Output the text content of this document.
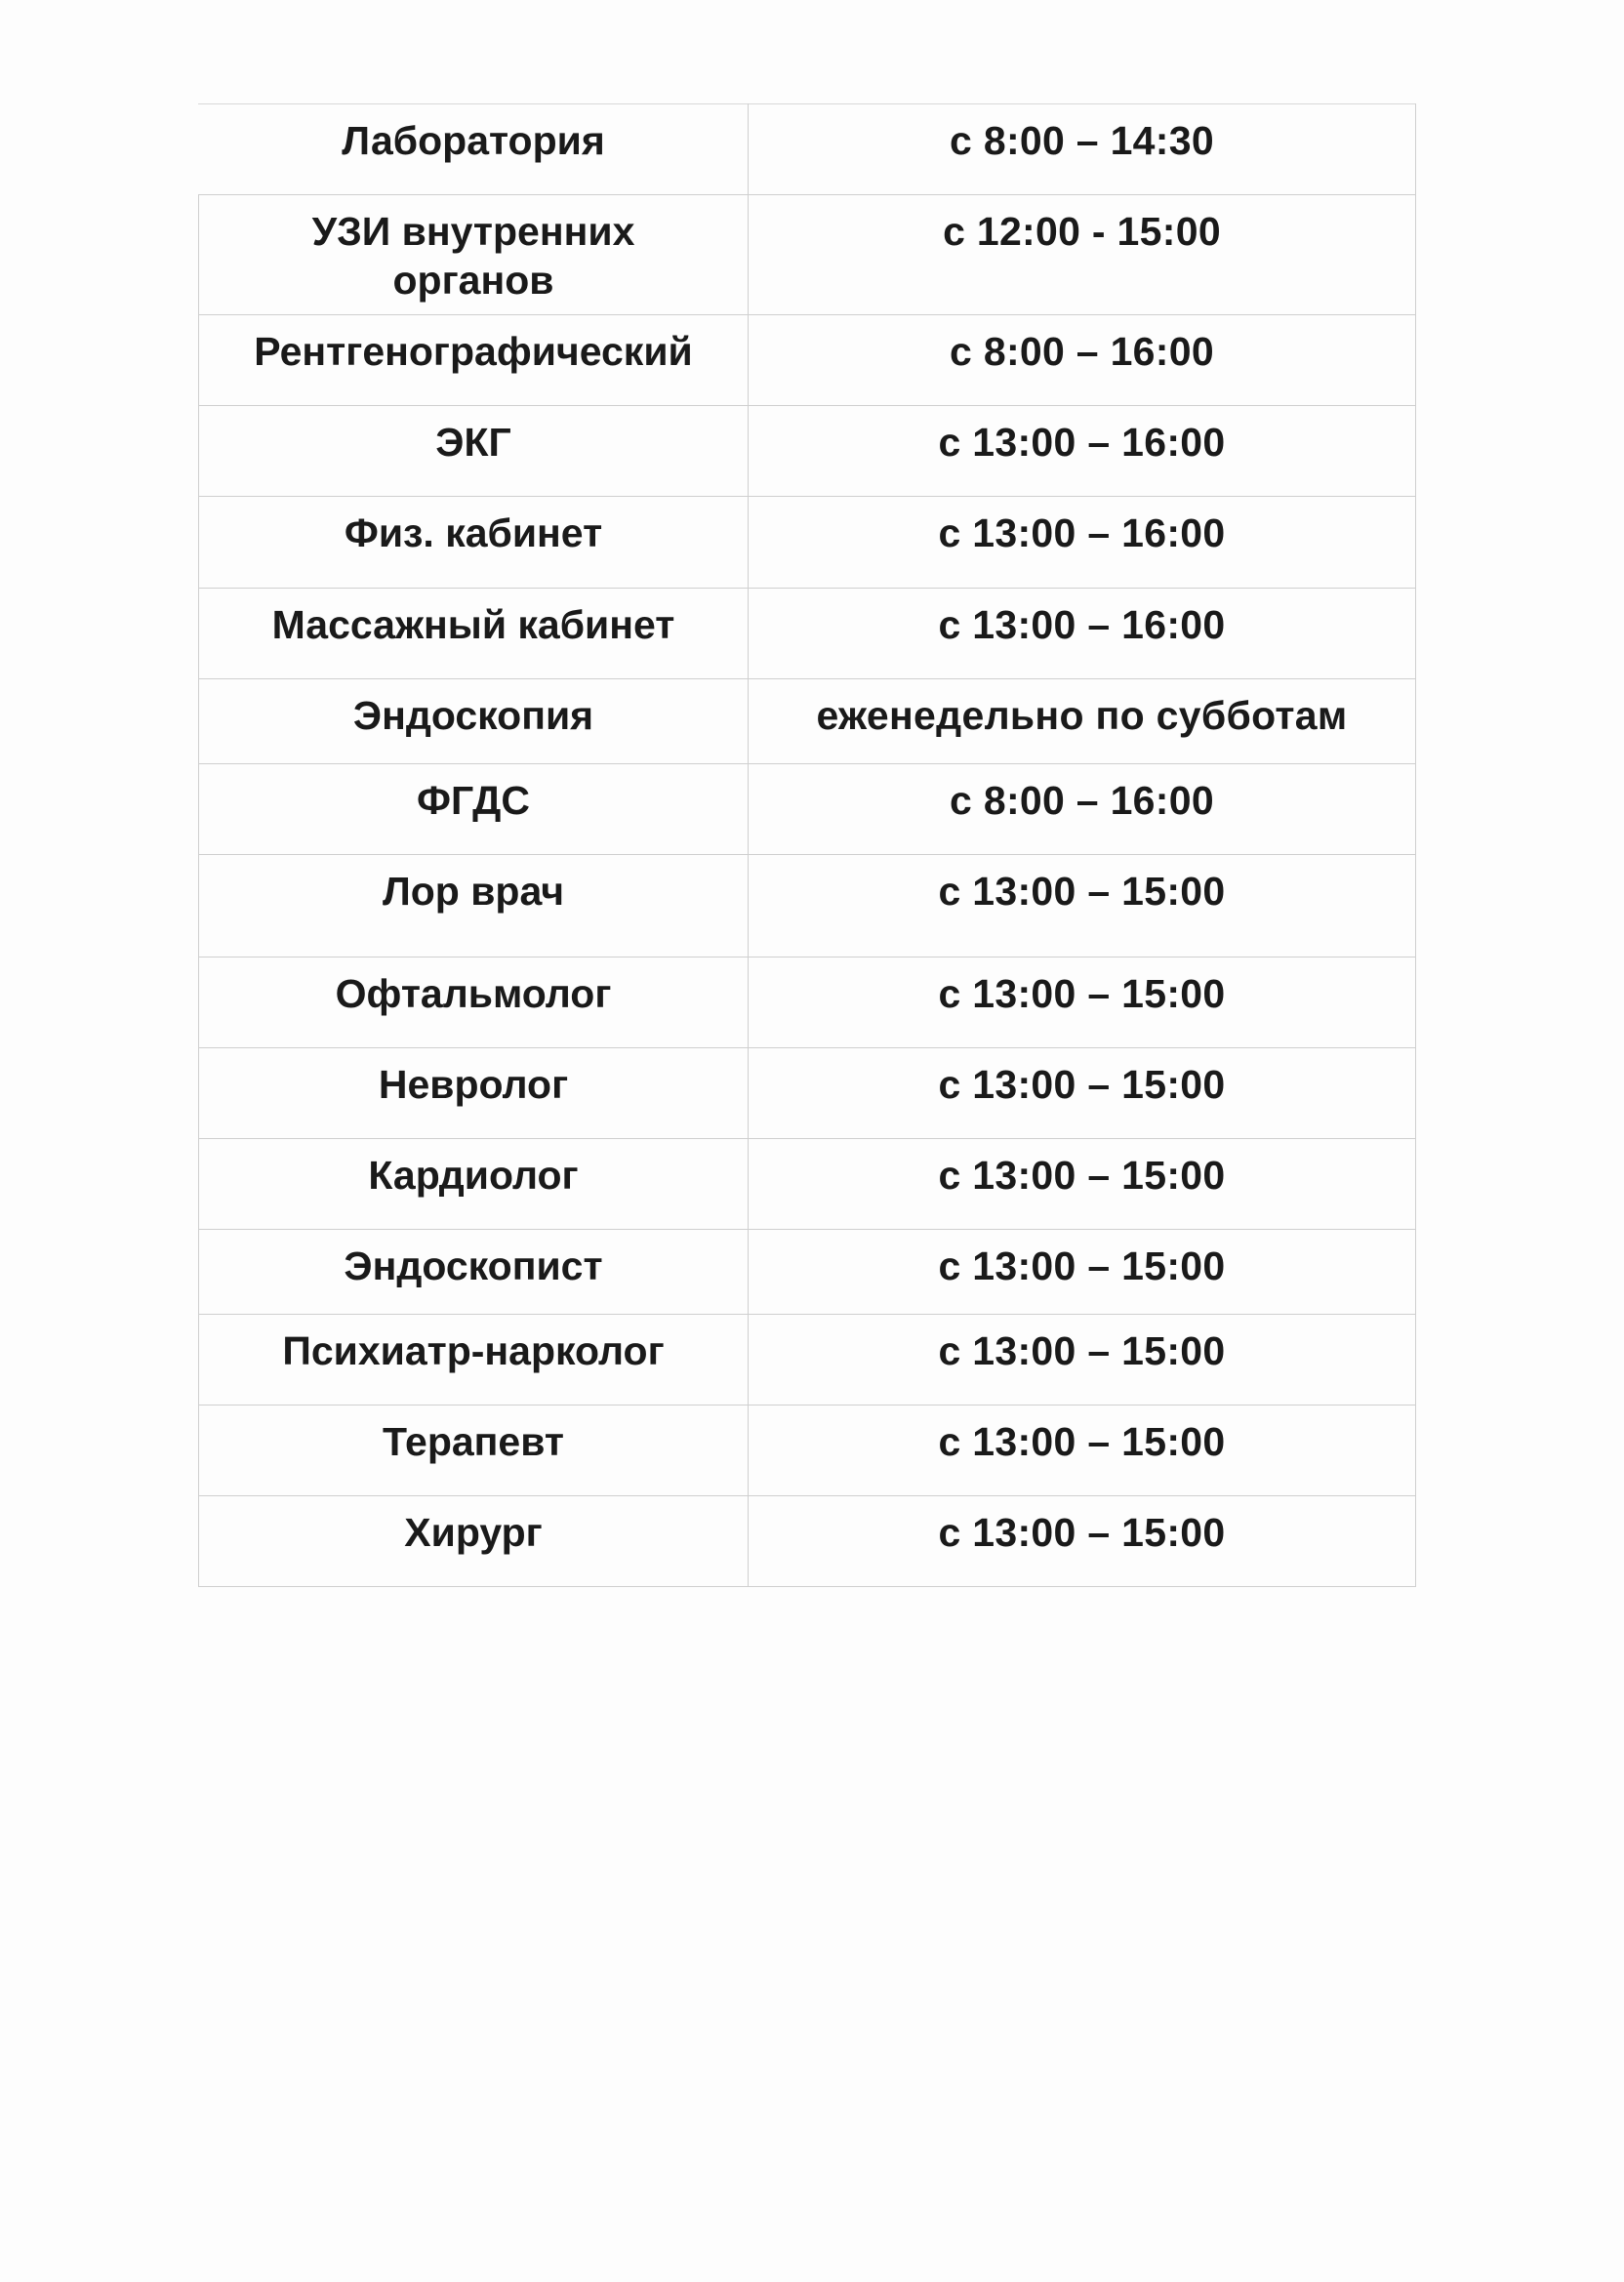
Лаборатория	с 8:00 – 14:30
УЗИ внутренних органов	с 12:00 - 15:00
Рентгенографический	с 8:00 – 16:00
ЭКГ	с 13:00 – 16:00
Физ. кабинет	с 13:00 – 16:00
Массажный кабинет	с 13:00 – 16:00
Эндоскопия	еженедельно по субботам
ФГДС	с 8:00 – 16:00
Лор врач	с 13:00 – 15:00
Офтальмолог	с 13:00 – 15:00
Невролог	с 13:00 – 15:00
Кардиолог	с 13:00 – 15:00
Эндоскопист	с 13:00 – 15:00
Психиатр-нарколог	с 13:00 – 15:00
Терапевт	с 13:00 – 15:00
Хирург	с 13:00 – 15:00
